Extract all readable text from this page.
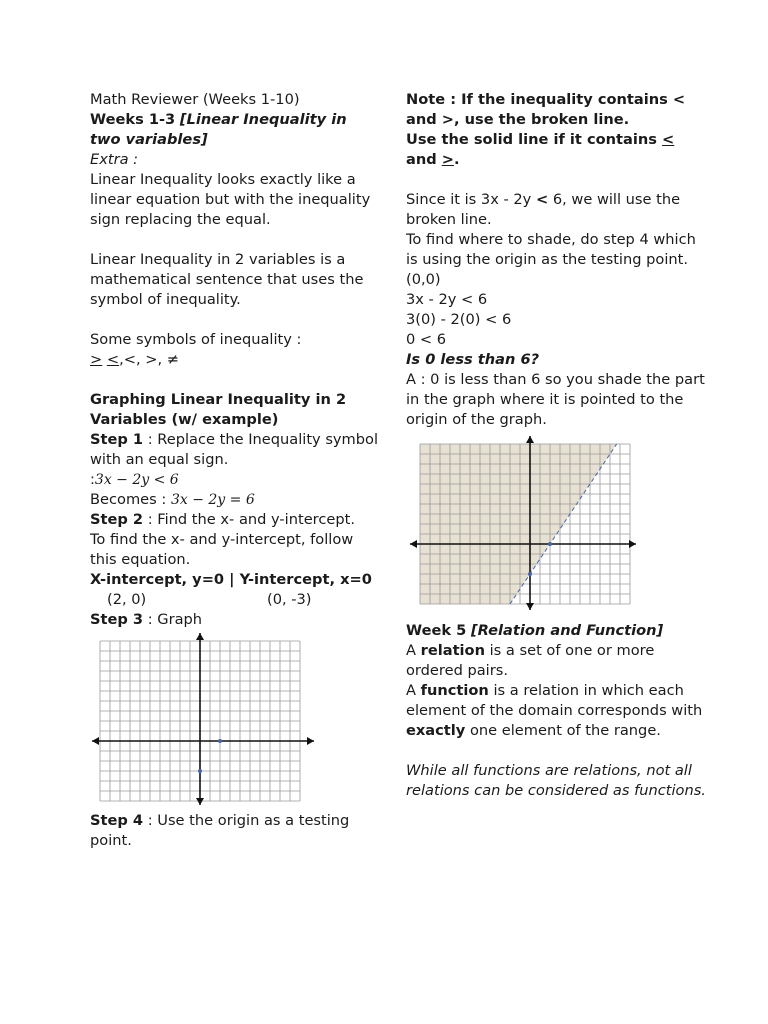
Math Reviewer (Weeks 1-10)

Weeks 1-3 [Linear Inequality in two variables]

Extra :

Linear Inequality looks exactly like a linear equation but with the inequality sign replacing the equal.

Linear Inequality in 2 variables is a mathematical sentence that uses the symbol of inequality.

Some symbols of inequality :

> <,<, >, ≠

Graphing Linear Inequality in 2 Variables (w/ example)

Step 1 : Replace the Inequality symbol with an equal sign.

:3x − 2y < 6

Becomes : 3x − 2y = 6

Step 2 : Find the x- and y-intercept.

To find the x- and y-intercept, follow this equation.

X-intercept, y=0 | Y-intercept, x=0

(2, 0)	(0, -3)

Step 3 : Graph

Step 4 : Use the origin as a testing point.

Note : If the inequality contains < and >, use the broken line.

Use the solid line if it contains < and >.

Since it is 3x - 2y < 6, we will use the broken line.

To find where to shade, do step 4 which is using the origin as the testing point. (0,0)

3x - 2y < 6

3(0) - 2(0) < 6

0 < 6

Is 0 less than 6?

A : 0 is less than 6 so you shade the part in the graph where it is pointed to the origin of the graph.

Week 5 [Relation and Function]

A relation is a set of one or more ordered pairs.

A function is a relation in which each element of the domain corresponds with exactly one element of the range.

While all functions are relations, not all relations can be considered as functions.
